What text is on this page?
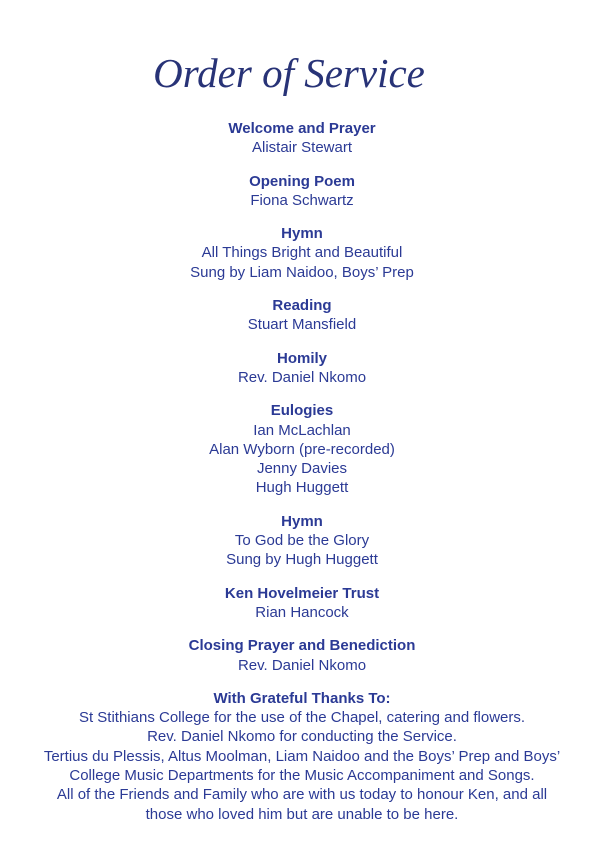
Order of Service
Welcome and Prayer
Alistair Stewart
Opening Poem
Fiona Schwartz
Hymn
All Things Bright and Beautiful
Sung by Liam Naidoo, Boys’ Prep
Reading
Stuart Mansfield
Homily
Rev. Daniel Nkomo
Eulogies
Ian McLachlan
Alan Wyborn (pre-recorded)
Jenny Davies
Hugh Huggett
Hymn
To God be the Glory
Sung by Hugh Huggett
Ken Hovelmeier Trust
Rian Hancock
Closing Prayer and Benediction
Rev. Daniel Nkomo
With Grateful Thanks To:
St Stithians College for the use of the Chapel, catering and flowers.
Rev. Daniel Nkomo for conducting the Service.
Tertius du Plessis, Altus Moolman, Liam Naidoo and the Boys’ Prep and Boys’
College Music Departments for the Music Accompaniment and Songs.
All of the Friends and Family who are with us today to honour Ken, and all
those who loved him but are unable to be here.
